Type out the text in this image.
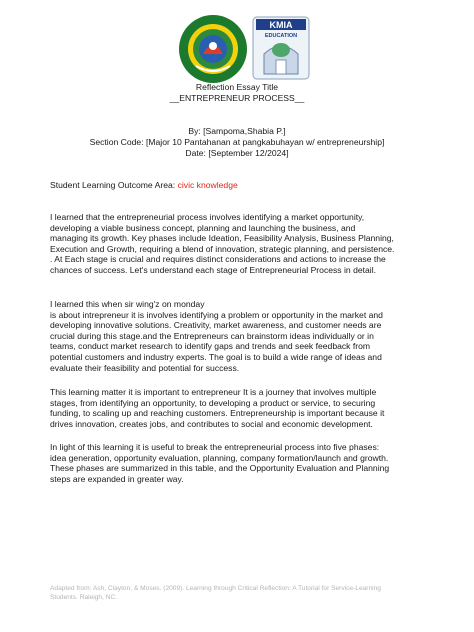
KMIA
EDUCATION
Reflection Essay Title
__ENTREPRENEUR PROCESS__
By: [Sampoma,Shabia P.]
Section Code: [Major 10 Pantahanan at pangkabuhayan w/ entrepreneurship]
Date: [September 12/2024]
Student Learning Outcome Area: civic knowledge
I learned that the entrepreneurial process involves identifying a market opportunity,
developing a viable business concept, planning and launching the business, and
managing its growth. Key phases include Ideation, Feasibility Analysis, Business Planning,
Execution and Growth, requiring a blend of innovation, strategic planning, and persistence.
. At Each stage is crucial and requires distinct considerations and actions to increase the
chances of success. Let's understand each stage of Entrepreneurial Process in detail.
I learned this when sir wing'z on monday
is about intrepreneur it is involves identifying a problem or opportunity in the market and
developing innovative solutions. Creativity, market awareness, and customer needs are
crucial during this stage.and the Entrepreneurs can brainstorm ideas individually or in
teams, conduct market research to identify gaps and trends and seek feedback from
potential customers and industry experts. The goal is to build a wide range of ideas and
evaluate their feasibility and potential for success.
This learning matter it is important to entrepreneur It is a journey that involves multiple
stages, from identifying an opportunity, to developing a product or service, to securing
funding, to scaling up and reaching customers. Entrepreneurship is important because it
drives innovation, creates jobs, and contributes to social and economic development.
In light of this learning it is useful to break the entrepreneurial process into five phases:
idea generation, opportunity evaluation, planning, company formation/launch and growth.
These phases are summarized in this table, and the Opportunity Evaluation and Planning
steps are expanded in greater way.
Adapted from: Ash, Clayton, & Moses. (2009). Learning through Critical Reflection: A Tutorial for Service-Learning
Students. Raleigh, NC.
